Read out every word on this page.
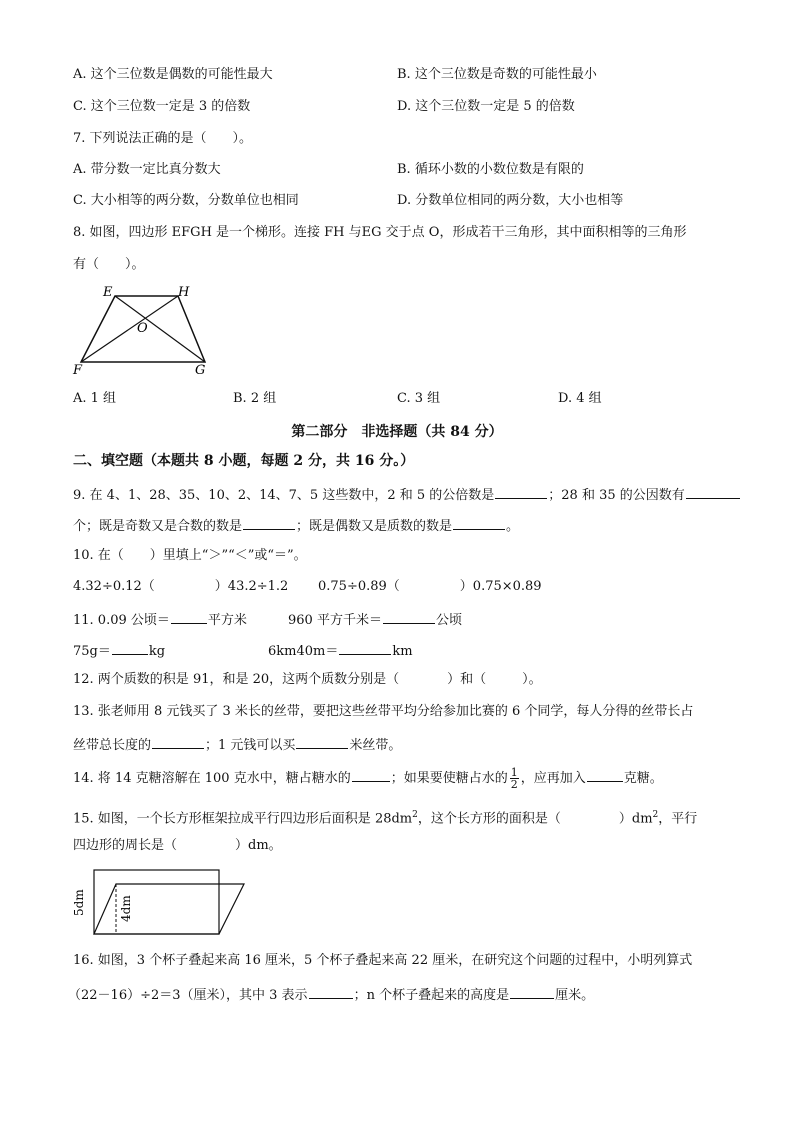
A. 这个三位数是偶数的可能性最大	B. 这个三位数是奇数的可能性最小
C. 这个三位数一定是 3 的倍数	D. 这个三位数一定是 5 的倍数
7. 下列说法正确的是（　　）。
A. 带分数一定比真分数大	B. 循环小数的小数位数是有限的
C. 大小相等的两分数，分数单位也相同	D. 分数单位相同的两分数，大小也相等
8. 如图，四边形 EFGH 是一个梯形。连接 FH 与EG 交于点 O，形成若干三角形，其中面积相等的三角形
有（　　）。
E	H
O
F	G
A. 1 组	B. 2 组	C. 3 组	D. 4 组
第二部分　非选择题（共 84 分）
二、填空题（本题共 8 小题，每题 2 分，共 16 分。）
9. 在 4、1、28、35、10、2、14、7、5 这些数中，2 和 5 的公倍数是	；28 和 35 的公因数有
个；既是奇数又是合数的数是	；既是偶数又是质数的数是	。
10. 在（　　）里填上“＞”“＜”或“＝”。
4.32÷0.12（	）43.2÷1.2 0.75÷0.89（	）0.75×0.89
11. 0.09 公顷＝	平方米	960 平方千米＝	公顷
75g＝	kg	6km40m＝	km
12. 两个质数的积是 91，和是 20，这两个质数分别是（	）和（	）。
13. 张老师用 8 元钱买了 3 米长的丝带，要把这些丝带平均分给参加比赛的 6 个同学，每人分得的丝带长占
丝带总长度的	；1 元钱可以买	米丝带。
14. 将 14 克糖溶解在 100 克水中，糖占糖水的	；如果要使糖占水的 $\frac{1}{2}$ ，应再加入	克糖。
15. 如图，一个长方形框架拉成平行四边形后面积是 $28dm^2$，这个长方形的面积是（	）$dm^2$，平行
四边形的周长是（	）dm。
5dm	4dm
16. 如图，3 个杯子叠起来高 16 厘米，5 个杯子叠起来高 22 厘米，在研究这个问题的过程中，小明列算式
（22－16）÷2＝3（厘米），其中 3 表示	；n 个杯子叠起来的高度是	厘米。
